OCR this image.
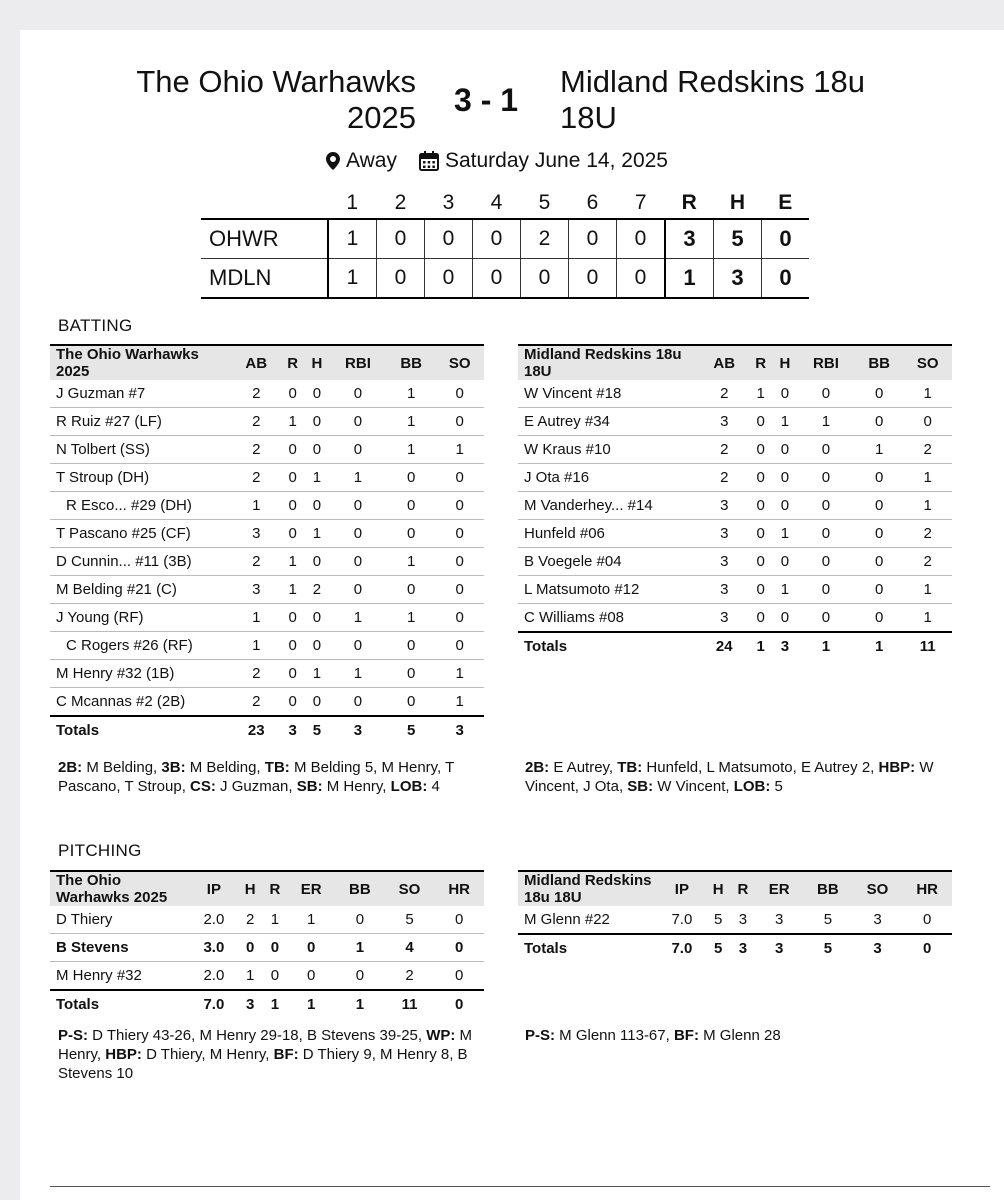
The Ohio Warhawks
2025 3 - 1
Midland Redskins 18u
18U
Away Saturday June 14, 2025
	1	2	3	4	5	6	7	R	H	E
OHWR	1	0	0	0	2	0	0	3	5	0
MDLN	1	0	0	0	0	0	0	1	3	0
BATTING
The Ohio Warhawks 2025	AB	R	H	RBI	BB	SO
J Guzman #7	2	0	0	0	1	0
R Ruiz #27 (LF)	2	1	0	0	1	0
N Tolbert (SS)	2	0	0	0	1	1
T Stroup (DH)	2	0	1	1	0	0
R Esco... #29 (DH)	1	0	0	0	0	0
T Pascano #25 (CF)	3	0	1	0	0	0
D Cunnin... #11 (3B)	2	1	0	0	1	0
M Belding #21 (C)	3	1	2	0	0	0
J Young (RF)	1	0	0	1	1	0
C Rogers #26 (RF)	1	0	0	0	0	0
M Henry #32 (1B)	2	0	1	1	0	1
C Mcannas #2 (2B)	2	0	0	0	0	1
Totals	23	3	5	3	5	3
Midland Redskins 18u 18U	AB	R	H	RBI	BB	SO
W Vincent #18	2	1	0	0	0	1
E Autrey #34	3	0	1	1	0	0
W Kraus #10	2	0	0	0	1	2
J Ota #16	2	0	0	0	0	1
M Vanderhey... #14	3	0	0	0	0	1
Hunfeld #06	3	0	1	0	0	2
B Voegele #04	3	0	0	0	0	2
L Matsumoto #12	3	0	1	0	0	1
C Williams #08	3	0	0	0	0	1
Totals	24	1	3	1	1	11
2B: M Belding, 3B: M Belding, TB: M Belding 5, M Henry, T Pascano, T Stroup, CS: J Guzman, SB: M Henry, LOB: 4
2B: E Autrey, TB: Hunfeld, L Matsumoto, E Autrey 2, HBP: W Vincent, J Ota, SB: W Vincent, LOB: 5
PITCHING
The Ohio Warhawks 2025	IP	H	R	ER	BB	SO	HR
D Thiery	2.0	2	1	1	0	5	0
B Stevens	3.0	0	0	0	1	4	0
M Henry #32	2.0	1	0	0	0	2	0
Totals	7.0	3	1	1	1	11	0
Midland Redskins 18u 18U	IP	H	R	ER	BB	SO	HR
M Glenn #22	7.0	5	3	3	5	3	0
Totals	7.0	5	3	3	5	3	0
P-S: D Thiery 43-26, M Henry 29-18, B Stevens 39-25, WP: M Henry, HBP: D Thiery, M Henry, BF: D Thiery 9, M Henry 8, B Stevens 10
P-S: M Glenn 113-67, BF: M Glenn 28
